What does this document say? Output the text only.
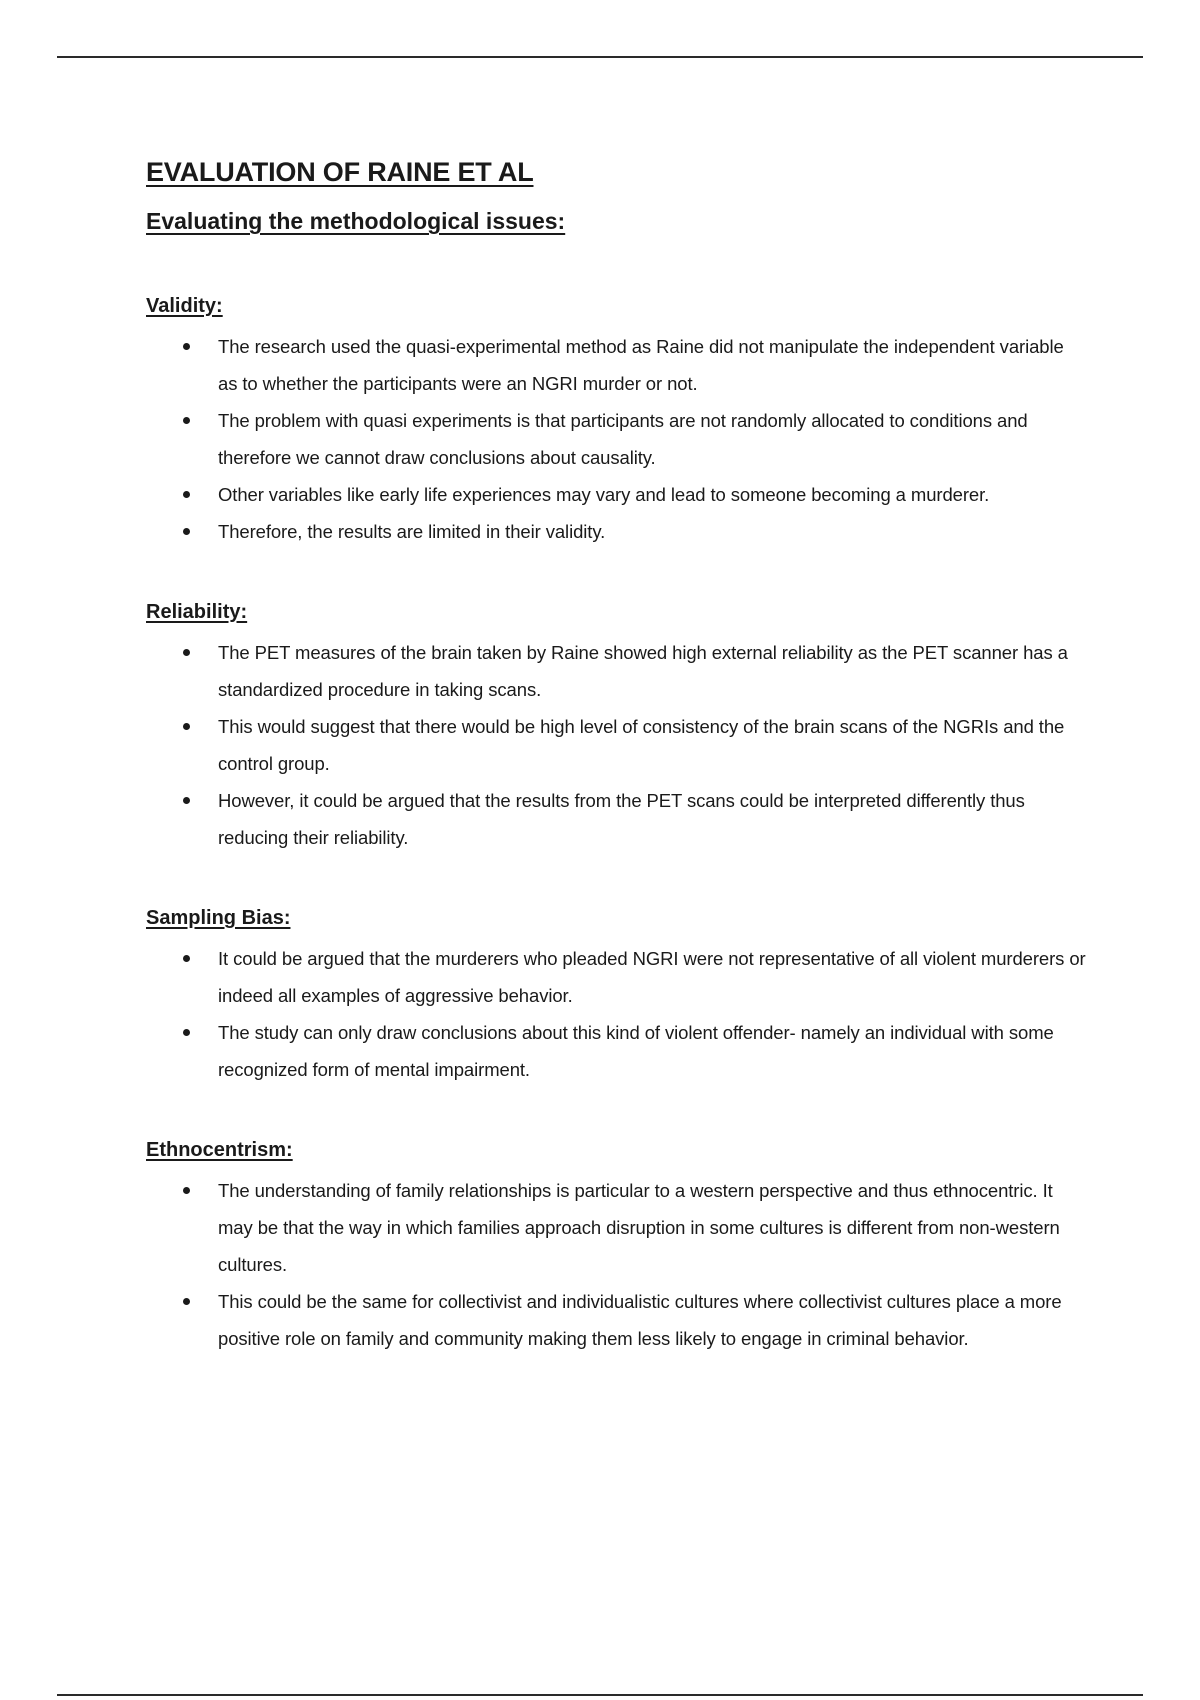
EVALUATION OF RAINE ET AL
Evaluating the methodological issues:
Validity:
The research used the quasi-experimental method as Raine did not manipulate the independent variable as to whether the participants were an NGRI murder or not.
The problem with quasi experiments is that participants are not randomly allocated to conditions and therefore we cannot draw conclusions about causality.
Other variables like early life experiences may vary and lead to someone becoming a murderer.
Therefore, the results are limited in their validity.
Reliability:
The PET measures of the brain taken by Raine showed high external reliability as the PET scanner has a standardized procedure in taking scans.
This would suggest that there would be high level of consistency of the brain scans of the NGRIs and the control group.
However, it could be argued that the results from the PET scans could be interpreted differently thus reducing their reliability.
Sampling Bias:
It could be argued that the murderers who pleaded NGRI were not representative of all violent murderers or indeed all examples of aggressive behavior.
The study can only draw conclusions about this kind of violent offender- namely an individual with some recognized form of mental impairment.
Ethnocentrism:
The understanding of family relationships is particular to a western perspective and thus ethnocentric. It may be that the way in which families approach disruption in some cultures is different from non-western cultures.
This could be the same for collectivist and individualistic cultures where collectivist cultures place a more positive role on family and community making them less likely to engage in criminal behavior.
